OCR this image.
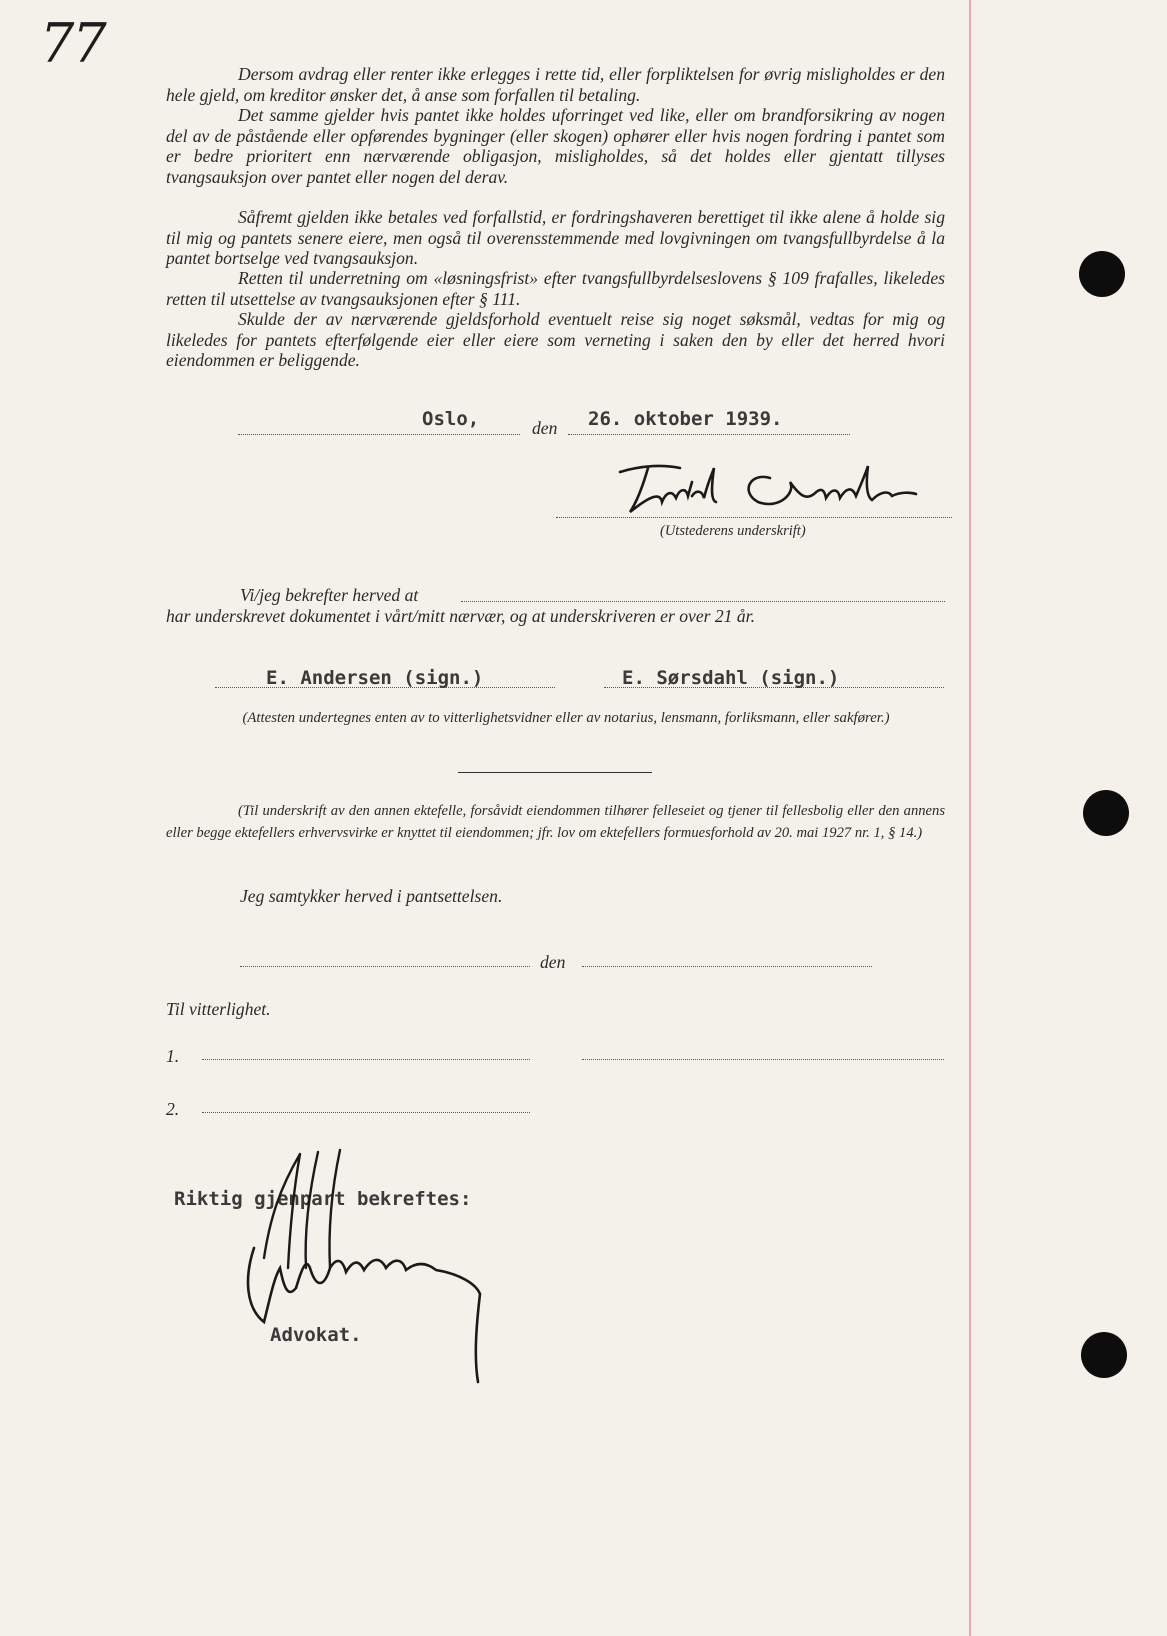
77	Dersom avdrag eller renter ikke erlegges i rette tid, eller forpliktelsen for øvrig misligholdes er den hele gjeld, om kreditor ønsker det, å anse som forfallen til betaling.

Det samme gjelder hvis pantet ikke holdes uforringet ved like, eller om brandforsikring av nogen del av de påstående eller opførendes bygninger (eller skogen) ophører eller hvis nogen fordring i pantet som er bedre prioritert enn nærværende obligasjon, misligholdes, så det holdes eller gjentatt tillyses tvangsauksjon over pantet eller nogen del derav.

Såfremt gjelden ikke betales ved forfallstid, er fordringshaveren berettiget til ikke alene å holde sig til mig og pantets senere eiere, men også til overensstemmende med lovgivningen om tvangsfullbyrdelse å la pantet bortselge ved tvangsauksjon.

Retten til underretning om «løsningsfrist» efter tvangsfullbyrdelseslovens § 109 frafalles, likeledes retten til utsettelse av tvangsauksjonen efter § 111.

Skulde der av nærværende gjeldsforhold eventuelt reise sig noget søksmål, vedtas for mig og likeledes for pantets efterfølgende eier eller eiere som verneting i saken den by eller det herred hvori eiendommen er beliggende.

Oslo,	den 26. oktober 1939.
(Utstederens underskrift)
Vi/jeg bekrefter herved at
har underskrevet dokumentet i vårt/mitt nærvær, og at underskriveren er over 21 år.
E. Andersen (sign.)	E. Sørsdahl (sign.)
(Attesten undertegnes enten av to vitterlighetsvidner eller av notarius, lensmann, forliksmann, eller sakfører.)
(Til underskrift av den annen ektefelle, forsåvidt eiendommen tilhører felleseiet og tjener til fellesbolig eller den annens eller begge ektefellers erhvervsvirke er knyttet til eiendommen; jfr. lov om ektefellers formuesforhold av 20. mai 1927 nr. 1, § 14.)
Jeg samtykker herved i pantsettelsen.
den
Til vitterlighet.
1.
2.
Riktig gjenpart bekreftes:
Advokat.
